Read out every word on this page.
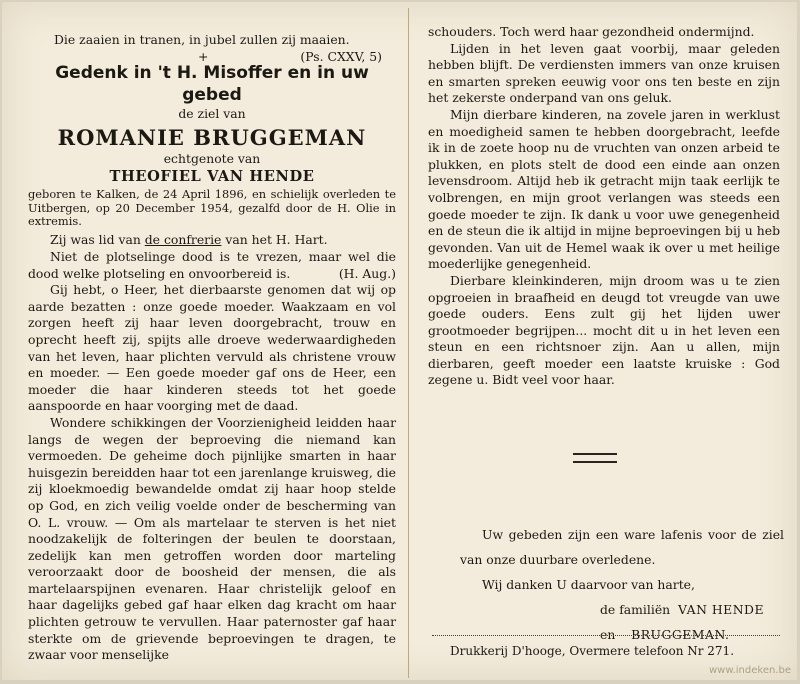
Die zaaien in tranen, in jubel zullen zij maaien.
+	(Ps. CXXV, 5)
Gedenk in 't H. Misoffer en in uw gebed
de ziel van
ROMANIE BRUGGEMAN
echtgenote van
THEOFIEL VAN HENDE
geboren te Kalken, de 24 April 1896, en schielijk overleden te Uitbergen, op 20 December 1954, gezalfd door de H. Olie in extremis.
Zij was lid van de confrerie van het H. Hart.
Niet de plotselinge dood is te vrezen, maar wel die dood welke plotseling en onvoorbereid is.	(H. Aug.)
Gij hebt, o Heer, het dierbaarste genomen dat wij op aarde bezatten : onze goede moeder. Waakzaam en vol zorgen heeft zij haar leven doorgebracht, trouw en oprecht heeft zij, spijts alle droeve wederwaardigheden van het leven, haar plichten vervuld als christene vrouw en moeder. — Een goede moeder gaf ons de Heer, een moeder die haar kinderen steeds tot het goede aanspoorde en haar voorging met de daad.
Wondere schikkingen der Voorzienigheid leidden haar langs de wegen der beproeving die niemand kan vermoeden. De geheime doch pijnlijke smarten in haar huisgezin bereidden haar tot een jarenlange kruisweg, die zij kloekmoedig bewandelde omdat zij haar hoop stelde op God, en zich veilig voelde onder de bescherming van O. L. vrouw. — Om als martelaar te sterven is het niet noodzakelijk de folteringen der beulen te doorstaan, zedelijk kan men getroffen worden door marteling veroorzaakt door de boosheid der mensen, die als martelaarspijnen evenaren. Haar christelijk geloof en haar dagelijks gebed gaf haar elken dag kracht om haar plichten getrouw te vervullen. Haar paternoster gaf haar sterkte om de grievende beproevingen te dragen, te zwaar voor menselijke
schouders. Toch werd haar gezondheid ondermijnd.
Lijden in het leven gaat voorbij, maar geleden hebben blijft. De verdiensten immers van onze kruisen en smarten spreken eeuwig voor ons ten beste en zijn het zekerste onderpand van ons geluk.
Mijn dierbare kinderen, na zovele jaren in werklust en moedigheid samen te hebben doorgebracht, leefde ik in de zoete hoop nu de vruchten van onzen arbeid te plukken, en plots stelt de dood een einde aan onzen levensdroom. Altijd heb ik getracht mijn taak eerlijk te volbrengen, en mijn groot verlangen was steeds een goede moeder te zijn. Ik dank u voor uwe genegenheid en de steun die ik altijd in mijne beproevingen bij u heb gevonden. Van uit de Hemel waak ik over u met heilige moederlijke genegenheid.
Dierbare kleinkinderen, mijn droom was u te zien opgroeien in braafheid en deugd tot vreugde van uwe goede ouders. Eens zult gij het lijden uwer grootmoeder begrijpen... mocht dit u in het leven een steun en een richtsnoer zijn. Aan u allen, mijn dierbaren, geeft moeder een laatste kruiske : God zegene u. Bidt veel voor haar.
Uw gebeden zijn een ware lafenis voor de ziel van onze duurbare overledene.
Wij danken U daarvoor van harte,
de familiën VAN HENDE
en BRUGGEMAN.
Drukkerij D'hooge, Overmere telefoon Nr 271.
www.indeken.be
